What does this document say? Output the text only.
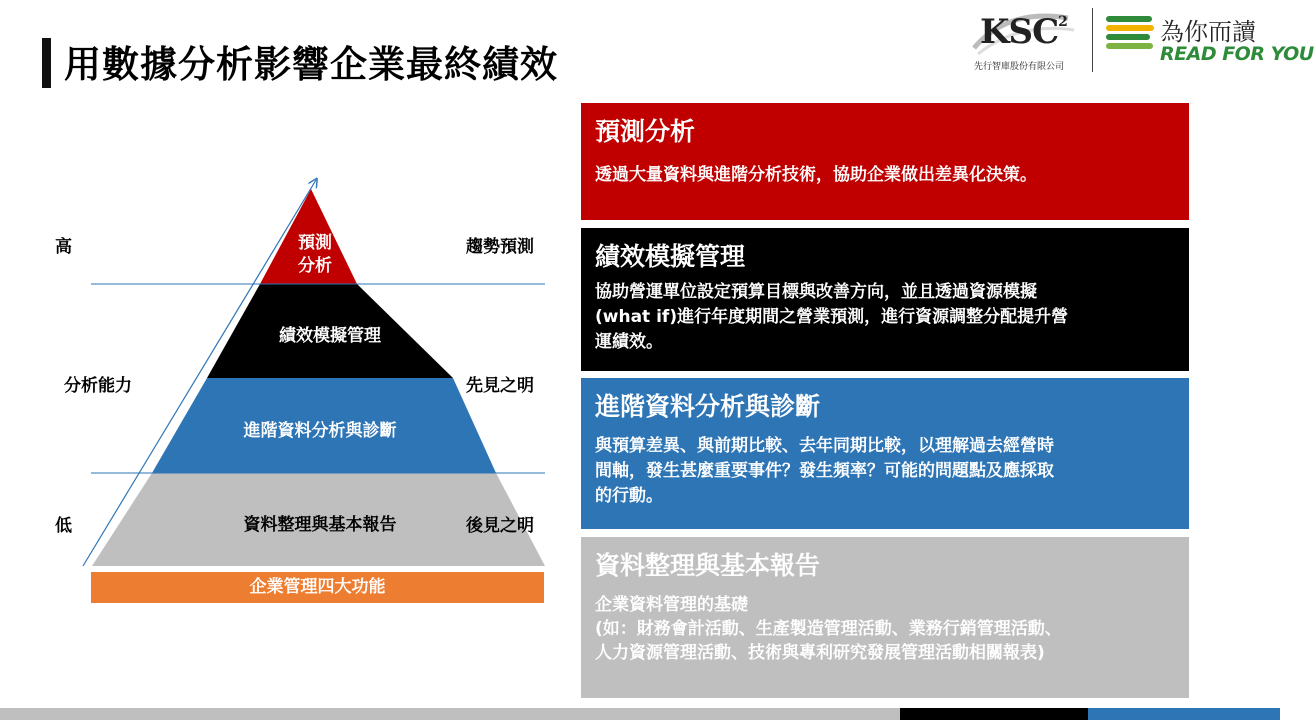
用數據分析影響企業最終績效
KSC$^2$
先行智庫股份有限公司
為你而讀
READ FOR YOU
高
分析能力
低
趨勢預測
先見之明
後見之明
預測
分析
績效模擬管理
進階資料分析與診斷
資料整理與基本報告
企業管理四大功能
預測分析

透過大量資料與進階分析技術，協助企業做出差異化決策。

績效模擬管理

協助營運單位設定預算目標與改善方向，並且透過資源模擬
(what if)進行年度期間之營業預測，進行資源調整分配提升營
運績效。

進階資料分析與診斷

與預算差異、與前期比較、去年同期比較，以理解過去經營時
間軸，發生甚麼重要事件？發生頻率？可能的問題點及應採取
的行動。

資料整理與基本報告

企業資料管理的基礎
(如：財務會計活動、生產製造管理活動、業務行銷管理活動、
人力資源管理活動、技術與專利研究發展管理活動相關報表)
